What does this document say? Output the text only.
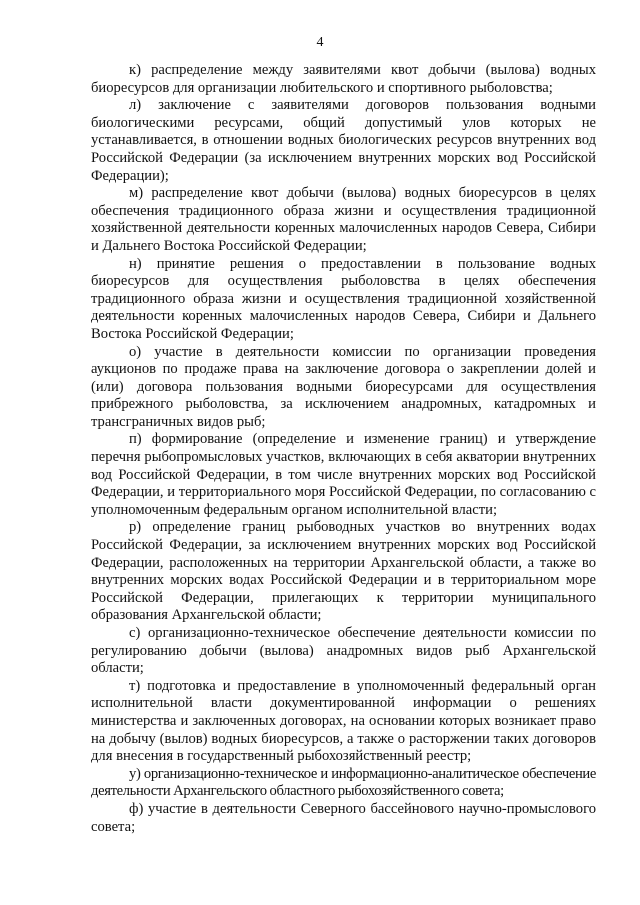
4

к) распределение между заявителями квот добычи (вылова) водных биоресурсов для организации любительского и спортивного рыболовства;

л) заключение с заявителями договоров пользования водными биологическими ресурсами, общий допустимый улов которых не устанавливается, в отношении водных биологических ресурсов внутренних вод Российской Федерации (за исключением внутренних морских вод Российской Федерации);

м) распределение квот добычи (вылова) водных биоресурсов в целях обеспечения традиционного образа жизни и осуществления традиционной хозяйственной деятельности коренных малочисленных народов Севера, Сибири и Дальнего Востока Российской Федерации;

н) принятие решения о предоставлении в пользование водных биоресурсов для осуществления рыболовства в целях обеспечения традиционного образа жизни и осуществления традиционной хозяйственной деятельности коренных малочисленных народов Севера, Сибири и Дальнего Востока Российской Федерации;

о) участие в деятельности комиссии по организации проведения аукционов по продаже права на заключение договора о закреплении долей и (или) договора пользования водными биоресурсами для осуществления прибрежного рыболовства, за исключением анадромных, катадромных и трансграничных видов рыб;

п) формирование (определение и изменение границ) и утверждение перечня рыбопромысловых участков, включающих в себя акватории внутренних вод Российской Федерации, в том числе внутренних морских вод Российской Федерации, и территориального моря Российской Федерации, по согласованию с уполномоченным федеральным органом исполнительной власти;

р) определение границ рыбоводных участков во внутренних водах Российской Федерации, за исключением внутренних морских вод Российской Федерации, расположенных на территории Архангельской области, а также во внутренних морских водах Российской Федерации и в территориальном море Российской Федерации, прилегающих к территории муниципального образования Архангельской области;

с) организационно-техническое обеспечение деятельности комиссии по регулированию добычи (вылова) анадромных видов рыб Архангельской области;

т) подготовка и предоставление в уполномоченный федеральный орган исполнительной власти документированной информации о решениях министерства и заключенных договорах, на основании которых возникает право на добычу (вылов) водных биоресурсов, а также о расторжении таких договоров для внесения в государственный рыбохозяйственный реестр;

у) организационно-техническое и информационно-аналитическое обеспечение деятельности Архангельского областного рыбохозяйственного совета;

ф) участие в деятельности Северного бассейнового научно-промыслового совета;
